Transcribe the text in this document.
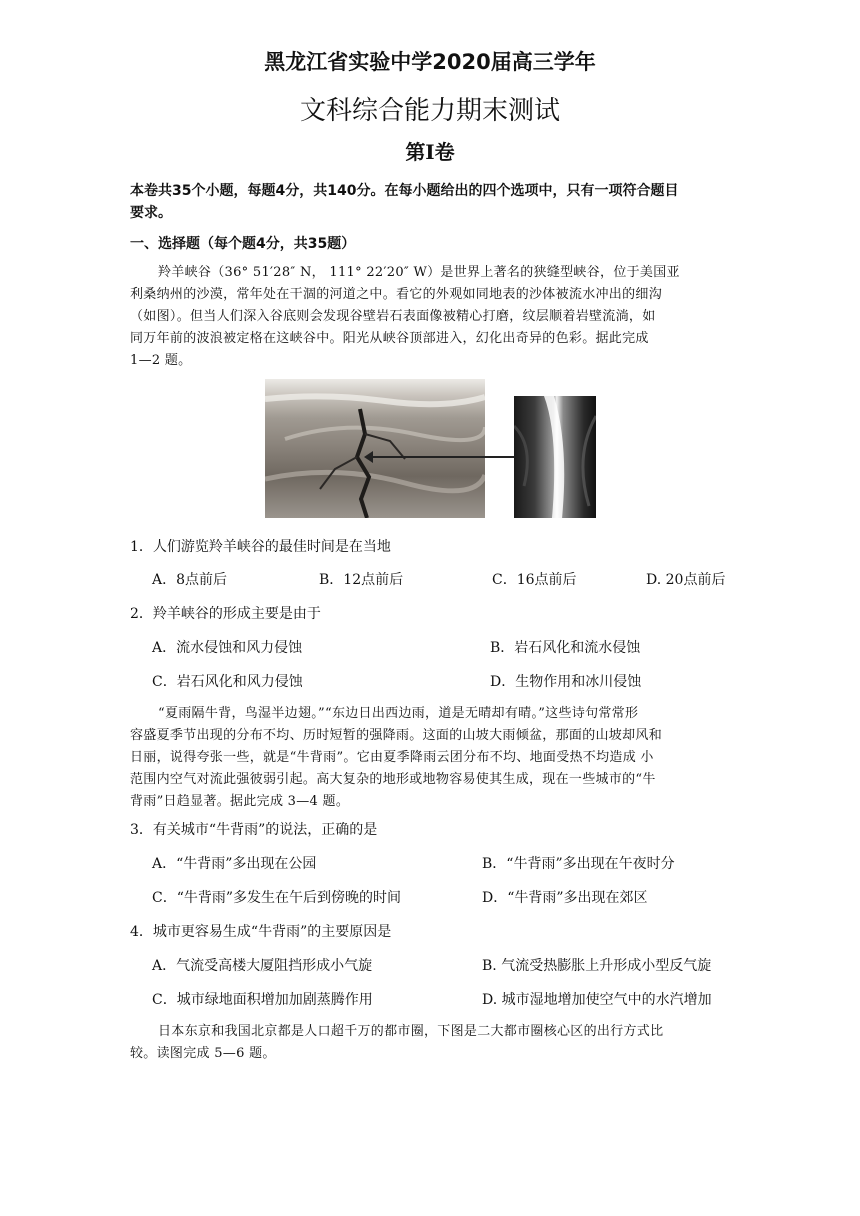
黑龙江省实验中学2020届高三学年
文科综合能力期末测试
第Ⅰ卷
本卷共35个小题，每题4分，共140分。在每小题给出的四个选项中，只有一项符合题目
要求。
一、选择题（每个题4分，共35题）
羚羊峡谷（36° 51′28″ N， 111° 22′20″ W）是世界上著名的狭缝型峡谷，位于美国亚
利桑纳州的沙漠，常年处在干涸的河道之中。看它的外观如同地表的沙体被流水冲出的细沟
（如图）。但当人们深入谷底则会发现谷壁岩石表面像被精心打磨，纹层顺着岩壁流淌，如
同万年前的波浪被定格在这峡谷中。阳光从峡谷顶部进入，幻化出奇异的色彩。据此完成
1—2 题。
1．人们游览羚羊峡谷的最佳时间是在当地
A．8点前后	B．12点前后	C．16点前后	D. 20点前后
2．羚羊峡谷的形成主要是由于
A．流水侵蚀和风力侵蚀	B．岩石风化和流水侵蚀
C．岩石风化和风力侵蚀	D．生物作用和冰川侵蚀
“夏雨隔牛背，鸟湿半边翅。”“东边日出西边雨，道是无晴却有晴。”这些诗句常常形
容盛夏季节出现的分布不均、历时短暂的强降雨。这面的山坡大雨倾盆，那面的山坡却风和
日丽，说得夸张一些，就是“牛背雨”。它由夏季降雨云团分布不均、地面受热不均造成 小
范围内空气对流此强彼弱引起。高大复杂的地形或地物容易使其生成，现在一些城市的“牛
背雨”日趋显著。据此完成 3—4 题。
3．有关城市“牛背雨”的说法，正确的是
A．“牛背雨”多出现在公园	B．“牛背雨”多出现在午夜时分
C．“牛背雨”多发生在午后到傍晚的时间	D．“牛背雨”多出现在郊区
4．城市更容易生成“牛背雨”的主要原因是
A．气流受高楼大厦阻挡形成小气旋	B. 气流受热膨胀上升形成小型反气旋
C．城市绿地面积增加加剧蒸腾作用	D. 城市湿地增加使空气中的水汽增加
日本东京和我国北京都是人口超千万的都市圈，下图是二大都市圈核心区的出行方式比
较。读图完成 5—6 题。
